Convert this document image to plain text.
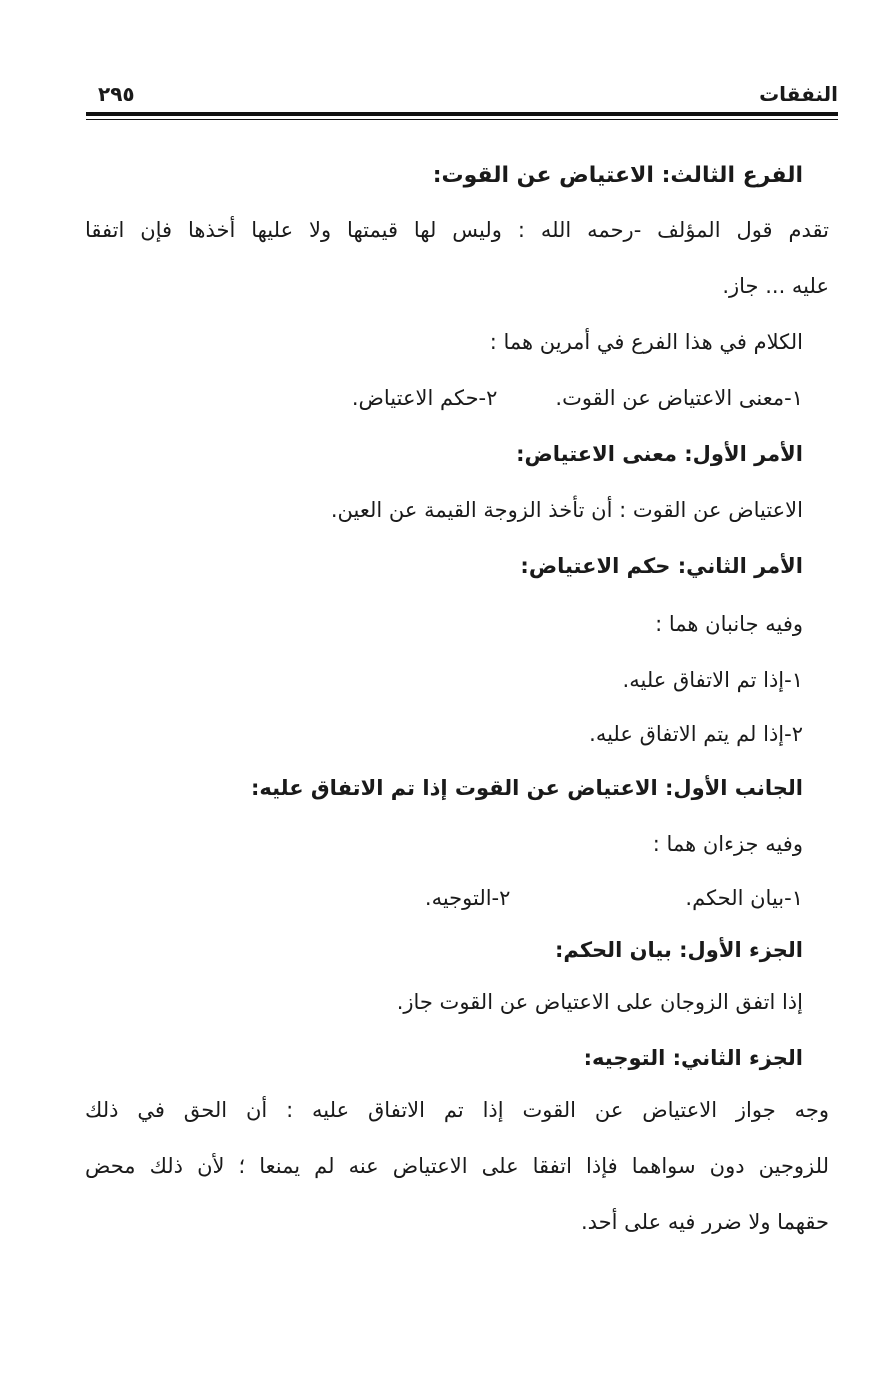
النفقات
٢٩٥
الفرع الثالث: الاعتياض عن القوت:
تقدم قول المؤلف -رحمه الله : وليس لها قيمتها ولا عليها أخذها فإن اتفقا
عليه ... جاز.
الكلام في هذا الفرع في أمرين هما :
١-معنى الاعتياض عن القوت.٢-حكم الاعتياض.
الأمر الأول: معنى الاعتياض:
الاعتياض عن القوت : أن تأخذ الزوجة القيمة عن العين.
الأمر الثاني: حكم الاعتياض:
وفيه جانبان هما :
١-إذا تم الاتفاق عليه.
٢-إذا لم يتم الاتفاق عليه.
الجانب الأول: الاعتياض عن القوت إذا تم الاتفاق عليه:
وفيه جزءان هما :
١-بيان الحكم.٢-التوجيه.
الجزء الأول: بيان الحكم:
إذا اتفق الزوجان على الاعتياض عن القوت جاز.
الجزء الثاني: التوجيه:
وجه جواز الاعتياض عن القوت إذا تم الاتفاق عليه : أن الحق في ذلك
للزوجين دون سواهما فإذا اتفقا على الاعتياض عنه لم يمنعا ؛ لأن ذلك محض
حقهما ولا ضرر فيه على أحد.
